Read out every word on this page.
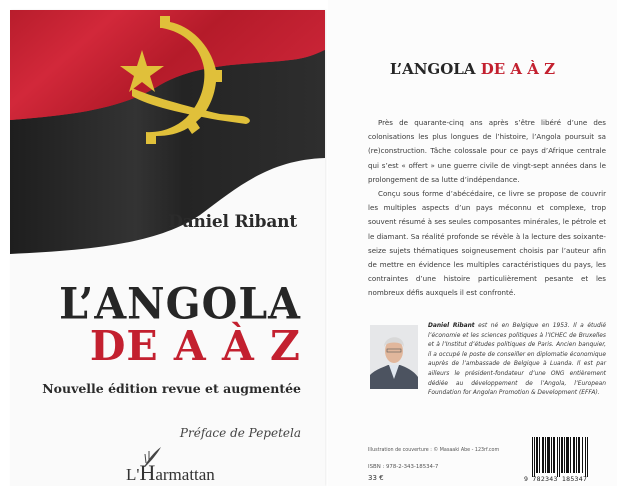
Daniel Ribant
L’ANGOLA
DE A À Z
Nouvelle édition revue et augmentée
Préface de Pepetela
L'Harmattan
L’ANGOLA DE A À Z

Près de quarante-cinq ans après s’être libéré d’une des colonisations les plus longues de l’histoire, l’Angola poursuit sa (re)construction. Tâche colossale pour ce pays d’Afrique centrale qui s’est « offert » une guerre civile de vingt-sept années dans le prolongement de sa lutte d’indépendance.

Conçu sous forme d’abécédaire, ce livre se propose de couvrir les multiples aspects d’un pays méconnu et complexe, trop souvent résumé à ses seules composantes minérales, le pétrole et le diamant. Sa réalité profonde se révèle à la lecture des soixante-seize sujets thématiques soigneusement choisis par l’auteur afin de mettre en évidence les multiples caractéristiques du pays, les contraintes d’une histoire particulièrement pesante et les nombreux défis auxquels il est confronté.

Daniel Ribant est né en Belgique en 1953. Il a étudié l’économie et les sciences politiques à l’ICHEC de Bruxelles et à l’Institut d’études politiques de Paris. Ancien banquier, il a occupé le poste de conseiller en diplomatie économique auprès de l’ambassade de Belgique à Luanda. Il est par ailleurs le président-fondateur d’une ONG entièrement dédiée au développement de l’Angola, l’European Foundation for Angolan Promotion & Development (EFFA).
Illustration de couverture : © Masaaki Abe - 123rf.com
ISBN : 978-2-343-18534-7
33 €	9 782343 185347
